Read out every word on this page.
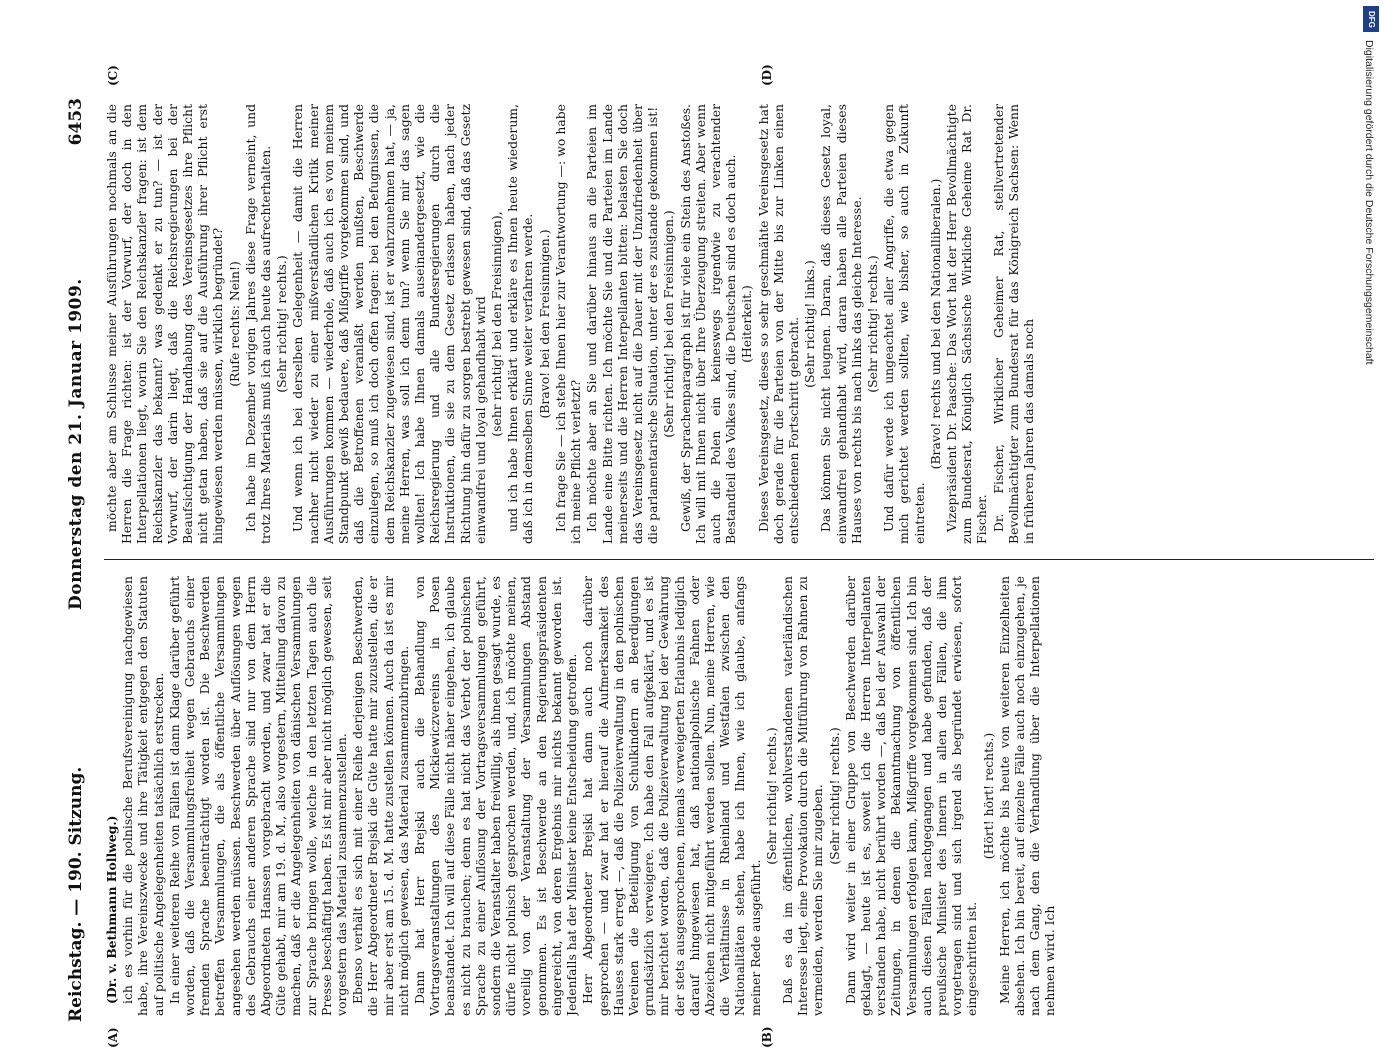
Reichstag. — 190. Sitzung.
Donnerstag den 21. Januar 1909.
6453
(A)	(B)
(C)	(D)

(Dr. v. Bethmann Hollweg.) ich es vorhin für die polnische Berufsvereinigung nachgewiesen habe, ihre Vereinszwecke und ihre Tätigkeit entgegen den Statuten auf politische Angelegenheiten tatsächlich erstrecken. In einer weiteren Reihe von Fällen ist dann Klage darüber geführt worden, daß die Versammlungsfreiheit wegen Gebrauchs einer fremden Sprache beeinträchtigt worden ist. Die Beschwerden betreffen Versammlungen, die als öffentliche Versammlungen angesehen werden müssen. Beschwerden über Auflösungen wegen des Gebrauchs einer anderen Sprache sind nur von dem Herrn Abgeordneten Hanssen vorgebracht worden, und zwar hat er die Güte gehabt, mir am 19. d. M., also vorgestern, Mitteilung davon zu machen, daß er die Angelegenheiten von dänischen Versammlungen zur Sprache bringen wolle, welche in den letzten Tagen auch die Presse beschäftigt haben. Es ist mir aber nicht möglich gewesen, seit vorgestern das Material zusammenzustellen. Ebenso verhält es sich mit einer Reihe derjenigen Beschwerden, die Herr Abgeordneter Brejski die Güte hatte mir zuzustellen, die er mir aber erst am 15. d. M. hatte zustellen können. Auch da ist es mir nicht möglich gewesen, das Material zusammenzubringen. Dann hat Herr Brejski auch die Behandlung von Vortragsveranstaltungen des Mickiewiczvereins in Posen beanstandet. Ich will auf diese Fälle nicht näher eingehen, ich glaube es nicht zu brauchen; denn es hat nicht das Verbot der polnischen Sprache zu einer Auflösung der Vortragsversammlungen geführt, sondern die Veranstalter haben freiwillig, als ihnen gesagt wurde, es dürfe nicht polnisch gesprochen werden, und, ich möchte meinen, voreilig von der Veranstaltung der Versammlungen Abstand genommen. Es ist Beschwerde an den Regierungspräsidenten eingereicht, von deren Ergebnis mir nichts bekannt geworden ist. Jedenfalls hat der Minister keine Entscheidung getroffen. Herr Abgeordneter Brejski hat dann auch noch darüber gesprochen — und zwar hat er hierauf die Aufmerksamkeit des Hauses stark erregt —, daß die Polizeiverwaltung in den polnischen Vereinen die Beteiligung von Schulkindern an Beerdigungen grundsätzlich verweigere. Ich habe den Fall aufgeklärt, und es ist mir berichtet worden, daß die Polizeiverwaltung bei der Gewährung der stets ausgesprochenen, niemals verweigerten Erlaubnis lediglich darauf hingewiesen hat, daß nationalpolnische Fahnen oder Abzeichen nicht mitgeführt werden sollen. Nun, meine Herren, wie die Verhältnisse in Rheinland und Westfalen zwischen den Nationalitäten stehen, habe ich Ihnen, wie ich glaube, anfangs meiner Rede ausgeführt.

(Sehr richtig! rechts.) Daß es da im öffentlichen, wohlverstandenen vaterländischen Interesse liegt, eine Provokation durch die Mitführung von Fahnen zu vermeiden, werden Sie mir zugeben. (Sehr richtig! rechts.) Dann wird weiter in einer Gruppe von Beschwerden darüber geklagt, — heute ist es, soweit ich die Herren Interpellanten verstanden habe, nicht berührt worden —, daß bei der Auswahl der Zeitungen, in denen die Bekanntmachung von öffentlichen Versammlungen erfolgen kann, Mißgriffe vorgekommen sind. Ich bin auch diesen Fällen nachgegangen und habe gefunden, daß der preußische Minister des Innern in allen den Fällen, die ihm vorgetragen sind und sich irgend als begründet erwiesen, sofort eingeschritten ist.

(Hört! hört! rechts.) Meine Herren, ich möchte bis heute von weiteren Einzelheiten absehen. Ich bin bereit, auf einzelne Fälle auch noch einzugehen, je nach dem Gang, den die Verhandlung über die Interpellationen nehmen wird. Ich

möchte aber am Schlusse meiner Ausführungen nochmals an die Herren die Frage richten: ist der Vorwurf, der doch in den Interpellationen liegt, worin Sie den Reichskanzler fragen: ist dem Reichskanzler das bekannt? was gedenkt er zu tun? — ist der Vorwurf, der darin liegt, daß die Reichsregierungen bei der Beaufsichtigung der Handhabung des Vereinsgesetzes ihre Pflicht nicht getan haben, daß sie auf die Ausführung ihrer Pflicht erst hingewiesen werden müssen, wirklich begründet? (Rufe rechts: Nein!) Ich habe im Dezember vorigen Jahres diese Frage verneint, und trotz Ihres Materials muß ich auch heute das aufrechterhalten. (Sehr richtig! rechts.) Und wenn ich bei derselben Gelegenheit — damit die Herren nachher nicht wieder zu einer mißverständlichen Kritik meiner Ausführungen kommen — wiederhole, daß auch ich es von meinem Standpunkt gewiß bedauere, daß Mißgriffe vorgekommen sind, und daß die Betroffenen veranlaßt werden mußten, Beschwerde einzulegen, so muß ich doch offen fragen: bei den Befugnissen, die dem Reichskanzler zugewiesen sind, ist er wahrzunehmen hat, — ja, meine Herren, was soll ich denn tun? wenn Sie mir das sagen wollten! Ich habe Ihnen damals auseinandergesetzt, wie die Reichsregierung und alle Bundesregierungen durch die Instruktionen, die sie zu dem Gesetz erlassen haben, nach jeder Richtung hin dafür zu sorgen bestrebt gewesen sind, daß das Gesetz einwandfrei und loyal gehandhabt wird (sehr richtig! bei den Freisinnigen), und ich habe Ihnen erklärt und erkläre es Ihnen heute wiederum, daß ich in demselben Sinne weiter verfahren werde. (Bravo! bei den Freisinnigen.) Ich frage Sie — ich stehe Ihnen hier zur Verantwortung —: wo habe ich meine Pflicht verletzt? Ich möchte aber an Sie und darüber hinaus an die Parteien im Lande eine Bitte richten. Ich möchte Sie und die Parteien im Lande meinerseits und die Herren Interpellanten bitten: belasten Sie doch das Vereinsgesetz nicht auf die Dauer mit der Unzufriedenheit über die parlamentarische Situation, unter der es zustande gekommen ist! (Sehr richtig! bei den Freisinnigen.) Gewiß, der Sprachenparagraph ist für viele ein Stein des Anstoßes. Ich will mit Ihnen nicht über Ihre Überzeugung streiten. Aber wenn auch die Polen ein keineswegs irgendwie zu verachtender Bestandteil des Volkes sind, die Deutschen sind es doch auch. (Heiterkeit.) Dieses Vereinsgesetz, dieses so sehr geschmähte Vereinsgesetz hat doch gerade für die Parteien von der Mitte bis zur Linken einen entschiedenen Fortschritt gebracht. (Sehr richtig! links.) Das können Sie nicht leugnen. Daran, daß dieses Gesetz loyal, einwandfrei gehandhabt wird, daran haben alle Parteien dieses Hauses von rechts bis nach links das gleiche Interesse. (Sehr richtig! rechts.) Und dafür werde ich ungeachtet aller Angriffe, die etwa gegen mich gerichtet werden sollten, wie bisher, so auch in Zukunft eintreten.

(Bravo! rechts und bei den Nationalliberalen.) Vizepräsident Dr. Paasche: Das Wort hat der Herr Bevollmächtigte zum Bundesrat, Königlich Sächsische Wirkliche Geheime Rat Dr. Fischer. Dr. Fischer, Wirklicher Geheimer Rat, stellvertretender Bevollmächtigter zum Bundesrat für das Königreich Sachsen: Wenn in früheren Jahren das damals noch

DFG
Digitalisierung gefördert durch die Deutsche Forschungsgemeinschaft
